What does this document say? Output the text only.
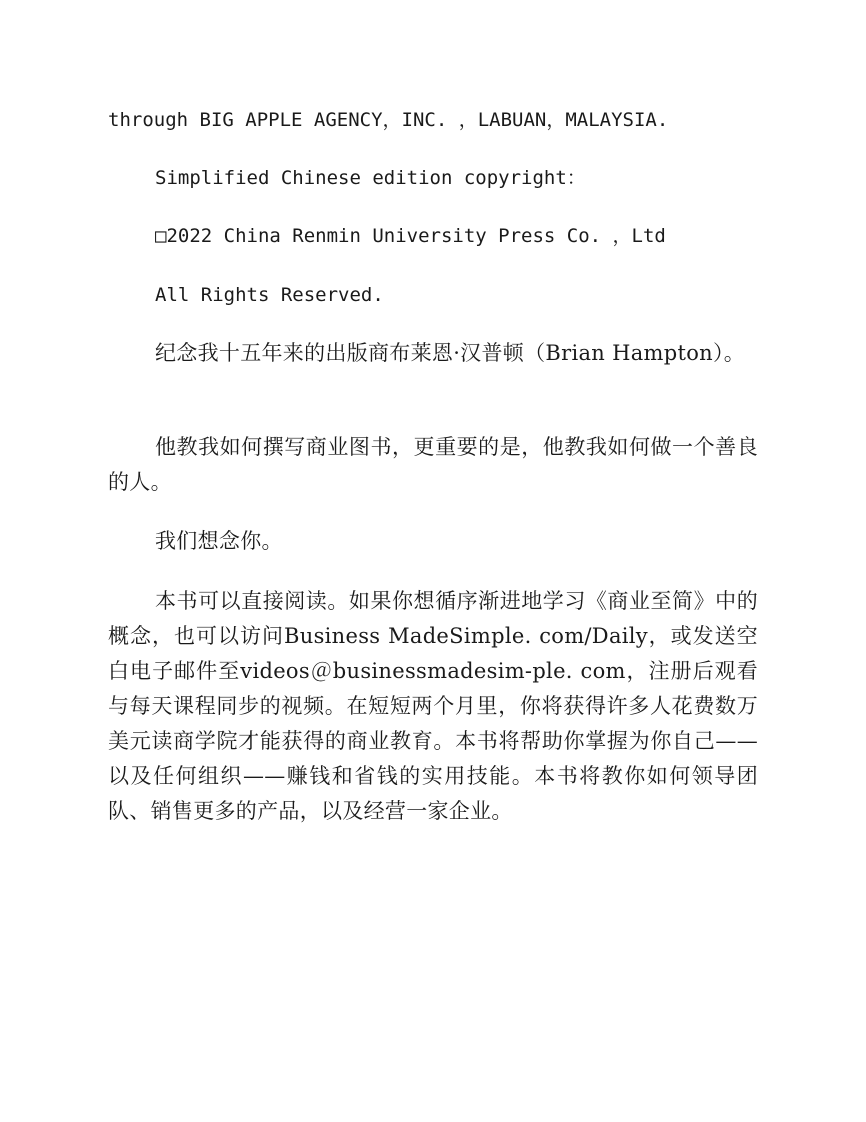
through BIG APPLE AGENCY，INC. ，LABUAN，MALAYSIA.
Simplified Chinese edition copyright：
□2022 China Renmin University Press Co. ，Ltd
All Rights Reserved.

纪念我十五年来的出版商布莱恩·汉普顿（Brian Hampton）。

他教我如何撰写商业图书，更重要的是，他教我如何做一个善良的人。

我们想念你。

本书可以直接阅读。如果你想循序渐进地学习《商业至简》中的概念，也可以访问Business MadeSimple. com/Daily，或发送空白电子邮件至videos＠businessmadesim-ple. com，注册后观看与每天课程同步的视频。在短短两个月里，你将获得许多人花费数万美元读商学院才能获得的商业教育。本书将帮助你掌握为你自己——以及任何组织——赚钱和省钱的实用技能。本书将教你如何领导团队、销售更多的产品，以及经营一家企业。
